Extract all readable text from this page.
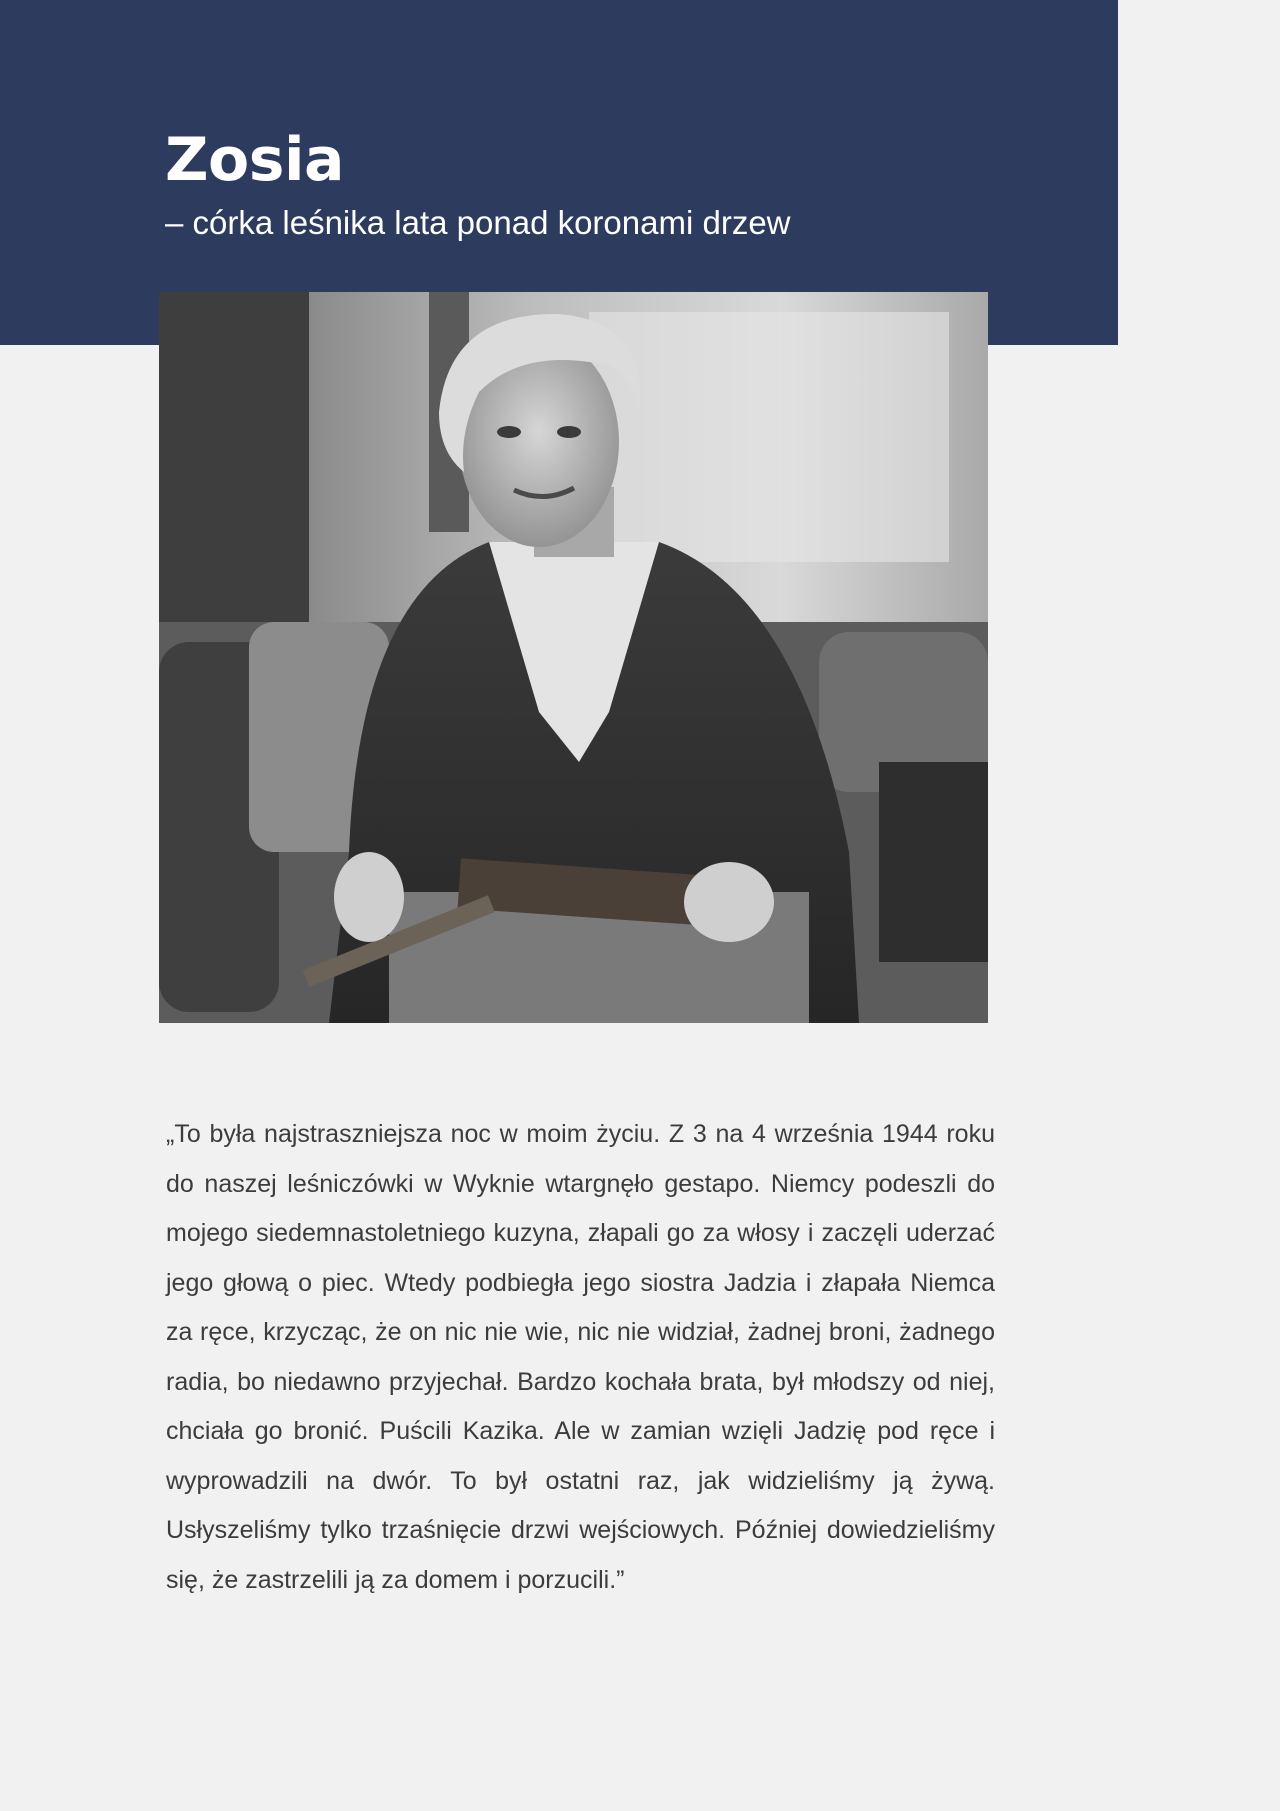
Zosia

– córka leśnika lata ponad koronami drzew

„To była najstraszniejsza noc w moim życiu. Z 3 na 4 września 1944 roku do naszej leśniczówki w Wyknie wtargnęło gestapo. Niemcy podeszli do mojego siedemnastoletniego kuzyna, złapali go za włosy i zaczęli uderzać jego głową o piec. Wtedy podbiegła jego siostra Jadzia i złapała Niemca za ręce, krzycząc, że on nic nie wie, nic nie widział, żadnej broni, żadnego radia, bo niedawno przyjechał. Bardzo kochała brata, był młodszy od niej, chciała go bronić. Puścili Kazika. Ale w zamian wzięli Jadzię pod ręce i wyprowadzili na dwór. To był ostatni raz, jak widzieliśmy ją żywą. Usłyszeliśmy tylko trzaśnięcie drzwi wejściowych. Później dowiedzieliśmy się, że zastrzelili ją za domem i porzucili.”
